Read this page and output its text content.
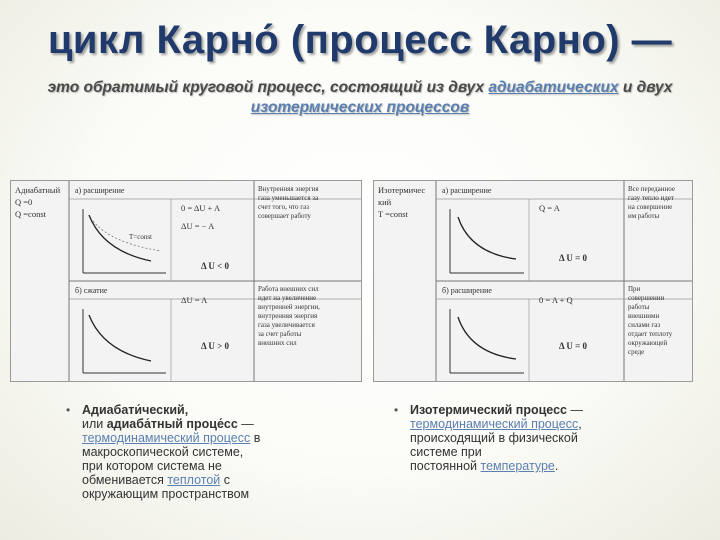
цикл Карно́ (процесс Карно) —
это обратимый круговой процесс, состоящий из двух адиабатических и двух изотермических процессов
Адиабатный
Q =0
Q =const
а) расширение	Внутренняя энергия
газа уменьшается за
счет того, что газ
совершает работу
0 = ΔU + A
ΔU = − A
Δ U < 0
T=const
б) сжатие	Работа внешних сил
идет на увеличение
внутренней энергии,
внутренняя энергия
газа увеличивается
за счет работы
внешних сил
ΔU = A
Δ U > 0
Изотермичес
кий
T =const
а) расширение
Q = A
Все переданное
газу тепло идет
на совершение
им работы
Δ U = 0
б) расширение
0 = A + Q
При
совершении
работы
внешними
силами газ
отдает теплоту
окружающей
среде
Δ U = 0
• Адиабати́ческий,
или адиаба́тный проце́сс —
термодинамический процесс в
макроскопической системе,
при котором система не
обменивается теплотой с
окружающим пространством
• Изотермический процесс —
термодинамический процесс,
происходящий в физической
системе при
постоянной температуре.
